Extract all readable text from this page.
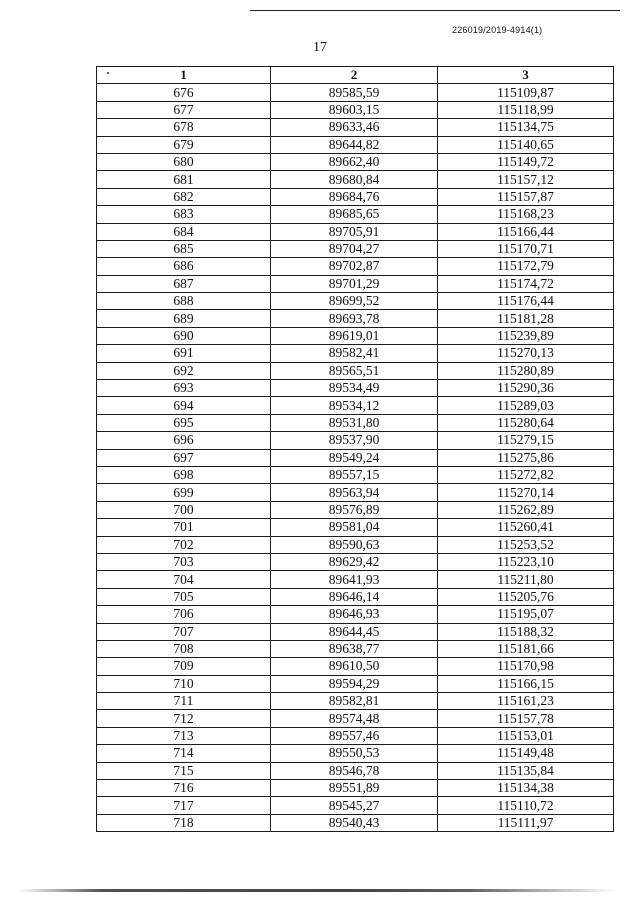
226019/2019-4914(1)
17
1	2	3
676	89585,59	115109,87
677	89603,15	115118,99
678	89633,46	115134,75
679	89644,82	115140,65
680	89662,40	115149,72
681	89680,84	115157,12
682	89684,76	115157,87
683	89685,65	115168,23
684	89705,91	115166,44
685	89704,27	115170,71
686	89702,87	115172,79
687	89701,29	115174,72
688	89699,52	115176,44
689	89693,78	115181,28
690	89619,01	115239,89
691	89582,41	115270,13
692	89565,51	115280,89
693	89534,49	115290,36
694	89534,12	115289,03
695	89531,80	115280,64
696	89537,90	115279,15
697	89549,24	115275,86
698	89557,15	115272,82
699	89563,94	115270,14
700	89576,89	115262,89
701	89581,04	115260,41
702	89590,63	115253,52
703	89629,42	115223,10
704	89641,93	115211,80
705	89646,14	115205,76
706	89646,93	115195,07
707	89644,45	115188,32
708	89638,77	115181,66
709	89610,50	115170,98
710	89594,29	115166,15
711	89582,81	115161,23
712	89574,48	115157,78
713	89557,46	115153,01
714	89550,53	115149,48
715	89546,78	115135,84
716	89551,89	115134,38
717	89545,27	115110,72
718	89540,43	115111,97
